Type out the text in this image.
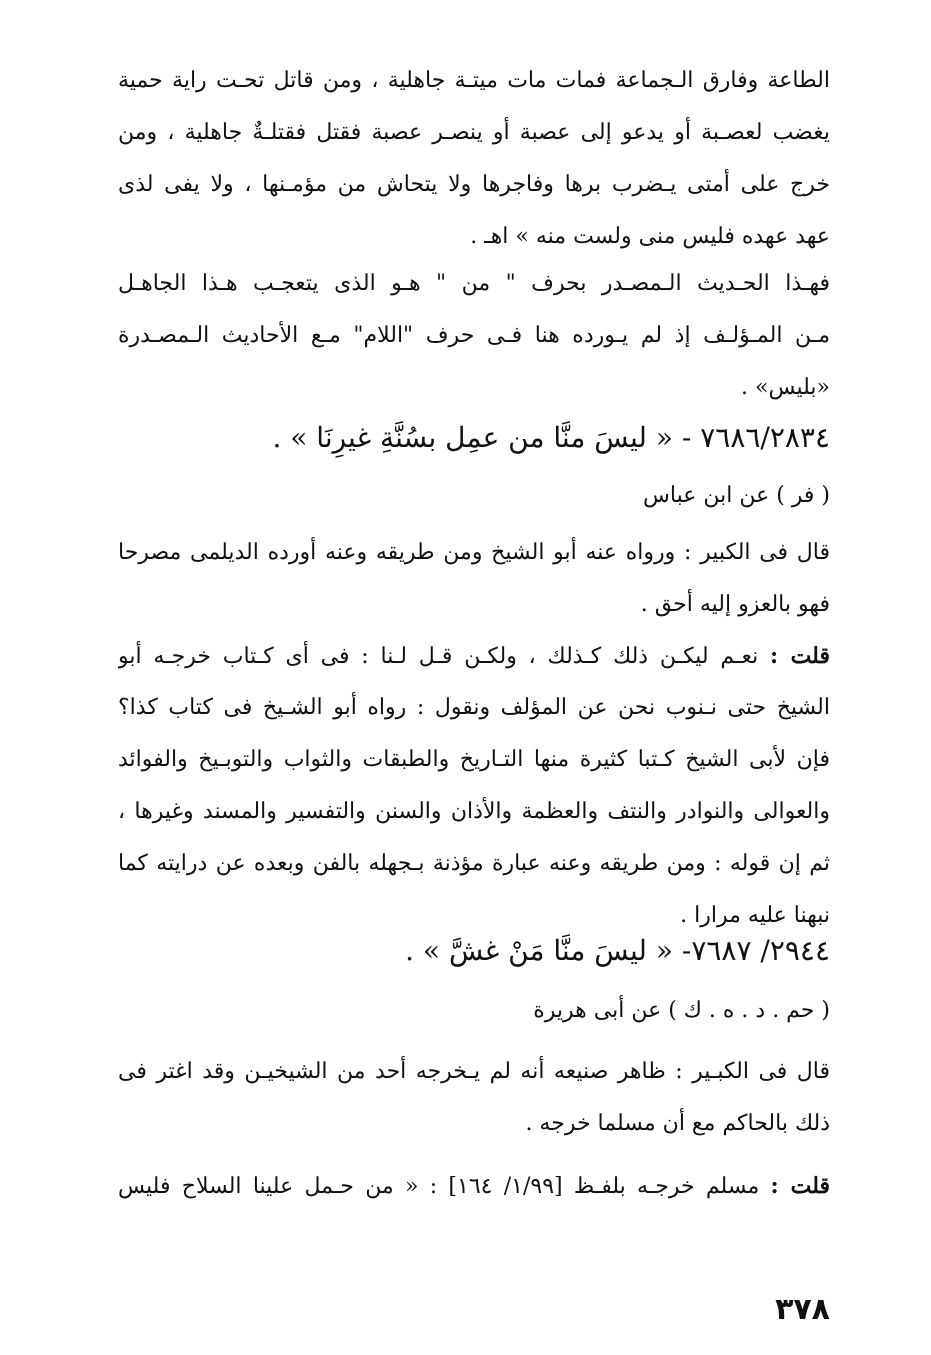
الطاعة وفارق الـجماعة فمات مات ميتـة جاهلية ، ومن قاتل تحـت راية حمية
يغضب لعصـبة أو يدعو إلى عصبة أو ينصـر عصبة فقتل فقتلـةٌ جاهلية ، ومن
خرج على أمتى يـضرب برها وفاجرها ولا يتحاش من مؤمـنها ، ولا يفى لذى
عهد عهده فليس منى ولست منه » اهـ .
فهـذا الحـديث الـمصـدر بحرف " من " هـو الذى يتعجـب هـذا الجاهـل
مـن المـؤلـف إذ لم يـورده هنا فـى حرف "اللام" مـع الأحاديث الـمصـدرة
«بليس» .
٧٦٨٦/٢٨٣٤ - « ليسَ منَّا من عمِل بسُنَّةِ غيرِنَا » .
( فر ) عن ابن عباس
قال فى الكبير : ورواه عنه أبو الشيخ ومن طريقه وعنه أورده الديلمى مصرحا
فهو بالعزو إليه أحق .
قلت : نعـم ليكـن ذلك كـذلك ، ولكـن قـل لـنا : فى أى كـتاب خرجـه أبو
الشيخ حتى نـنوب نحن عن المؤلف ونقول : رواه أبو الشـيخ فى كتاب كذا؟
فإن لأبى الشيخ كـتبا كثيرة منها التـاريخ والطبقات والثواب والتوبـيخ والفوائد
والعوالى والنوادر والنتف والعظمة والأذان والسنن والتفسير والمسند وغيرها ،
ثم إن قوله : ومن طريقه وعنه عبارة مؤذنة بـجهله بالفن وبعده عن درايته كما
نبهنا عليه مرارا .
٢٩٤٤/ ٧٦٨٧- « ليسَ منَّا مَنْ غشَّ » .
( حم . د . ه . ك ) عن أبى هريرة
قال فى الكبـير : ظاهر صنيعه أنه لم يـخرجه أحد من الشيخيـن وقد اغتر فى
ذلك بالحاكم مع أن مسلما خرجه .
قلت : مسلم خرجـه بلفـظ [١/٩٩/ ١٦٤] : « من حـمل علينا السلاح فليس
٣٧٨
